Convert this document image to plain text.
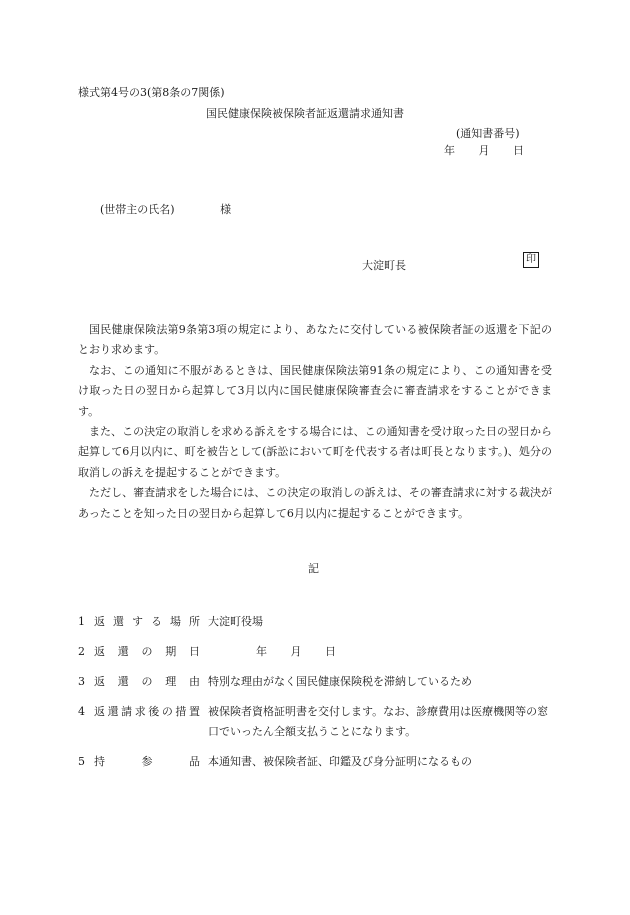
様式第4号の3(第8条の7関係)
国民健康保険被保険者証返還請求通知書
(通知書番号)
年 月 日
(世帯主の氏名)	様
大淀町長	印

国民健康保険法第9条第3項の規定により、あなたに交付している被保険者証の返還を下記のとおり求めます。

なお、この通知に不服があるときは、国民健康保険法第91条の規定により、この通知書を受け取った日の翌日から起算して3月以内に国民健康保険審査会に審査請求をすることができます。

また、この決定の取消しを求める訴えをする場合には、この通知書を受け取った日の翌日から起算して6月以内に、町を被告として(訴訟において町を代表する者は町長となります。)、処分の取消しの訴えを提起することができます。

ただし、審査請求をした場合には、この決定の取消しの訴えは、その審査請求に対する裁決があったことを知った日の翌日から起算して6月以内に提起することができます。

記
1 返還する場所 大淀町役場
2 返還の期日	年 月 日
3 返還の理由 特別な理由がなく国民健康保険税を滞納しているため
4 返還請求後の措置 被保険者資格証明書を交付します。なお、診療費用は医療機関等の窓口でいったん全額支払うことになります。
5 持参品 本通知書、被保険者証、印鑑及び身分証明になるもの
